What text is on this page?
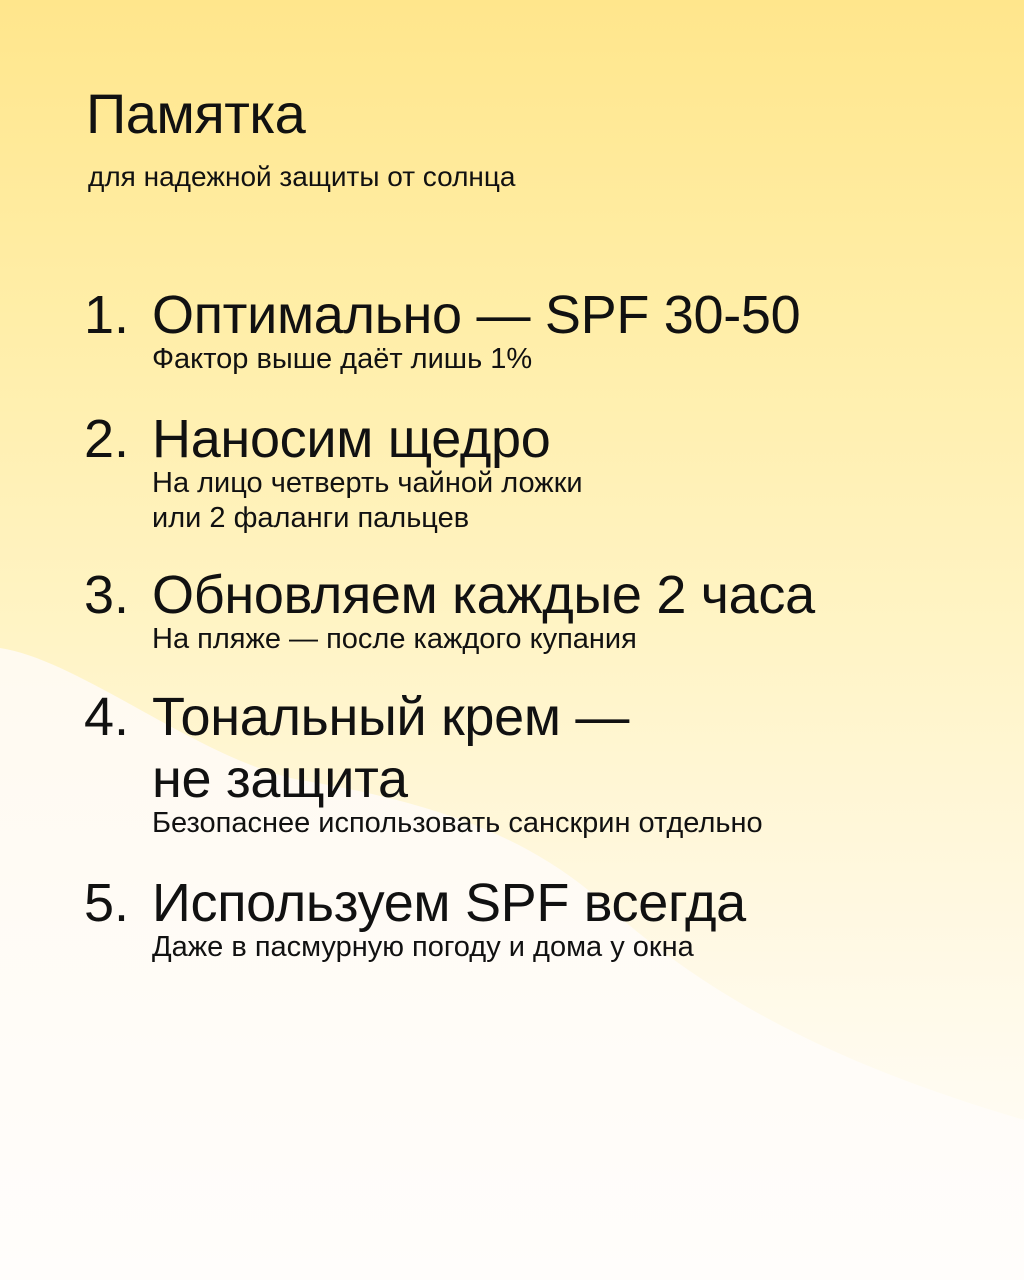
Памятка
для надежной защиты от солнца
1. Оптимально — SPF 30-50
Фактор выше даёт лишь 1%
2. Наносим щедро
На лицо четверть чайной ложки
или 2 фаланги пальцев
3. Обновляем каждые 2 часа
На пляже — после каждого купания
4. Тональный крем —
не защита
Безопаснее использовать санскрин отдельно
5. Используем SPF всегда
Даже в пасмурную погоду и дома у окна
